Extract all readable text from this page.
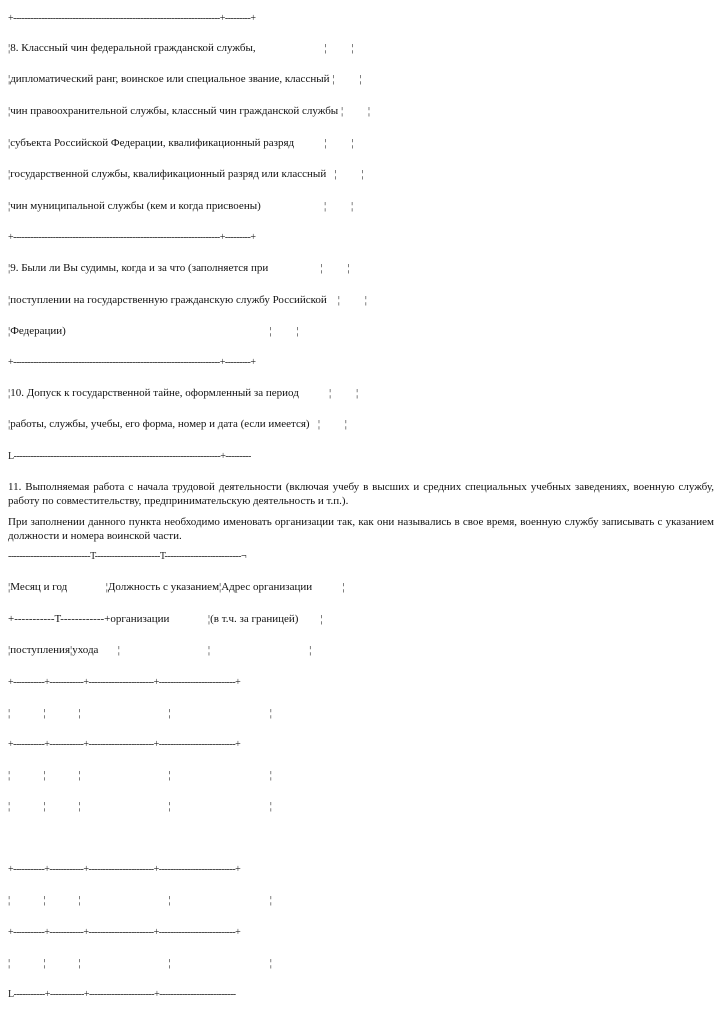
+-------------------------------------------------------------------------+---------+
¦8. Классный чин федеральной гражданской службы,                         ¦         ¦
¦дипломатический ранг, воинское или специальное звание, классный ¦         ¦
¦чин правоохранительной службы, классный чин гражданской службы ¦         ¦
¦субъекта Российской Федерации, квалификационный разряд           ¦         ¦
¦государственной службы, квалификационный разряд или классный   ¦         ¦
¦чин муниципальной службы (кем и когда присвоены)                       ¦         ¦
+-------------------------------------------------------------------------+---------+
¦9. Были ли Вы судимы, когда и за что (заполняется при                   ¦         ¦
¦поступлении на государственную гражданскую службу Российской    ¦         ¦
¦Федерации)                                                                          ¦         ¦
+-------------------------------------------------------------------------+---------+
¦10. Допуск к государственной тайне, оформленный за период           ¦         ¦
¦работы, службы, учебы, его форма, номер и дата (если имеется)   ¦         ¦
L-------------------------------------------------------------------------+---------

11. Выполняемая работа с начала трудовой деятельности (включая учебу в высших и средних специальных учебных заведениях, военную службу, работу по совместительству, предпринимательскую деятельность и т.п.).

При заполнении данного пункта необходимо именовать организации так, как они назывались в свое время, военную службу записывать с указанием должности и номера воинской части.

-----------------------------T-----------------------T---------------------------¬
¦Месяц и год              ¦Должность с указанием¦Адрес организации           ¦
+-----------T------------+организации              ¦(в т.ч. за границей)        ¦
¦поступления¦ухода       ¦                                ¦                                    ¦
+-----------+------------+-----------------------+---------------------------+
¦            ¦            ¦                                ¦                                    ¦
+-----------+------------+-----------------------+---------------------------+
¦            ¦            ¦                                ¦                                    ¦
¦            ¦            ¦                                ¦                                    ¦
+-----------+------------+-----------------------+---------------------------+
¦            ¦            ¦                                ¦                                    ¦
+-----------+------------+-----------------------+---------------------------+
¦            ¦            ¦                                ¦                                    ¦
L-----------+------------+-----------------------+---------------------------
